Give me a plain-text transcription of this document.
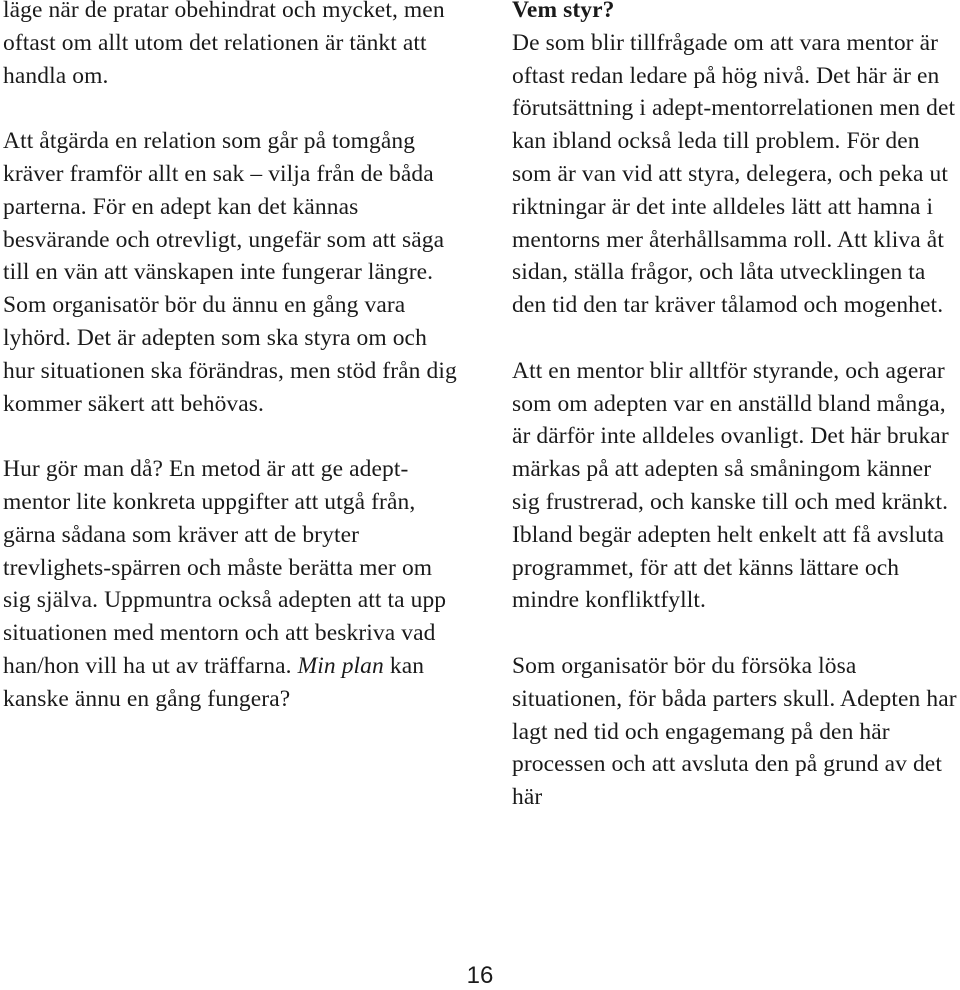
läge när de pratar obehindrat och mycket, men oftast om allt utom det relationen är tänkt att handla om.

Att åtgärda en relation som går på tomgång kräver framför allt en sak – vilja från de båda parterna. För en adept kan det kännas besvärande och otrevligt, ungefär som att säga till en vän att vänskapen inte fungerar längre. Som organisatör bör du ännu en gång vara lyhörd. Det är adepten som ska styra om och hur situationen ska förändras, men stöd från dig kommer säkert att behövas.

Hur gör man då? En metod är att ge adept-mentor lite konkreta uppgifter att utgå från, gärna sådana som kräver att de bryter trevlighets-spärren och måste berätta mer om sig själva. Uppmuntra också adepten att ta upp situationen med mentorn och att beskriva vad han/hon vill ha ut av träffarna. Min plan kan kanske ännu en gång fungera?

Vem styr?

De som blir tillfrågade om att vara mentor är oftast redan ledare på hög nivå. Det här är en förutsättning i adept-mentorrelationen men det kan ibland också leda till problem. För den som är van vid att styra, delegera, och peka ut riktningar är det inte alldeles lätt att hamna i mentorns mer återhållsamma roll. Att kliva åt sidan, ställa frågor, och låta utvecklingen ta den tid den tar kräver tålamod och mogenhet.

Att en mentor blir alltför styrande, och agerar som om adepten var en anställd bland många, är därför inte alldeles ovanligt. Det här brukar märkas på att adepten så småningom känner sig frustrerad, och kanske till och med kränkt. Ibland begär adepten helt enkelt att få avsluta programmet, för att det känns lättare och mindre konfliktfyllt.

Som organisatör bör du försöka lösa situationen, för båda parters skull. Adepten har lagt ned tid och engagemang på den här processen och att avsluta den på grund av det här

16
